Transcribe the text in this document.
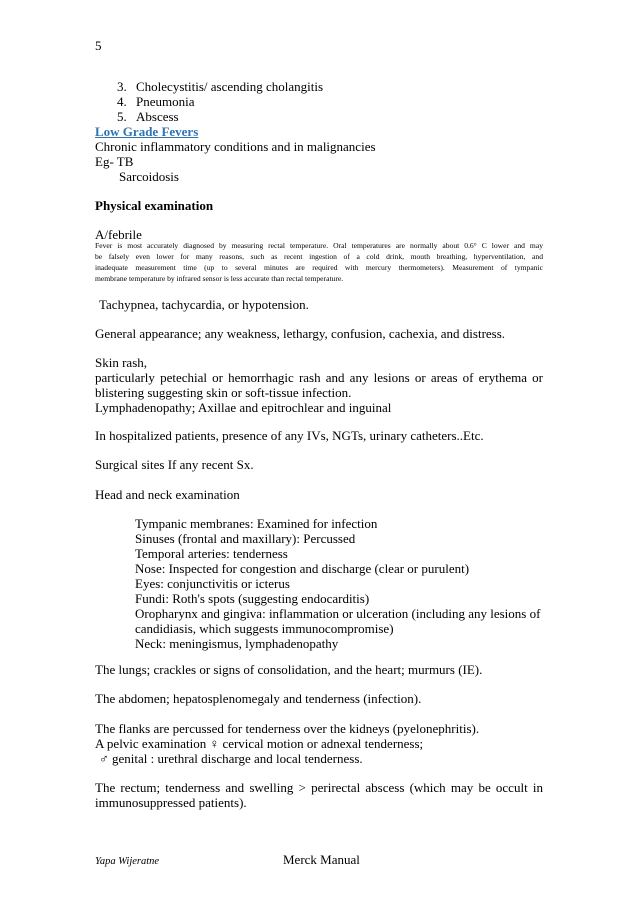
5
3. Cholecystitis/ ascending cholangitis
4. Pneumonia
5. Abscess
Low Grade Fevers
Chronic inflammatory conditions and in malignancies
Eg- TB
Sarcoidosis
Physical examination
A/febrile
Fever is most accurately diagnosed by measuring rectal temperature. Oral temperatures are normally about 0.6° C lower and may
be falsely even lower for many reasons, such as recent ingestion of a cold drink, mouth breathing, hyperventilation, and
inadequate measurement time (up to several minutes are required with mercury thermometers). Measurement of tympanic
membrane temperature by infrared sensor is less accurate than rectal temperature.
Tachypnea, tachycardia, or hypotension.
General appearance; any weakness, lethargy, confusion, cachexia, and distress.
Skin rash,
particularly petechial or hemorrhagic rash and any lesions or areas of erythema or
blistering suggesting skin or soft-tissue infection.
Lymphadenopathy; Axillae and epitrochlear and inguinal
In hospitalized patients, presence of any IVs, NGTs, urinary catheters..Etc.
Surgical sites If any recent Sx.
Head and neck examination
Tympanic membranes: Examined for infection
Sinuses (frontal and maxillary): Percussed
Temporal arteries: tenderness
Nose: Inspected for congestion and discharge (clear or purulent)
Eyes: conjunctivitis or icterus
Fundi: Roth's spots (suggesting endocarditis)
Oropharynx and gingiva: inflammation or ulceration (including any lesions of
candidiasis, which suggests immunocompromise)
Neck: meningismus, lymphadenopathy
The lungs; crackles or signs of consolidation, and the heart; murmurs (IE).
The abdomen; hepatosplenomegaly and tenderness (infection).
The flanks are percussed for tenderness over the kidneys (pyelonephritis).
A pelvic examination ♀ cervical motion or adnexal tenderness;
♂ genital : urethral discharge and local tenderness.
The rectum; tenderness and swelling > perirectal abscess (which may be occult in
immunosuppressed patients).
Yapa Wijeratne	Merck Manual
